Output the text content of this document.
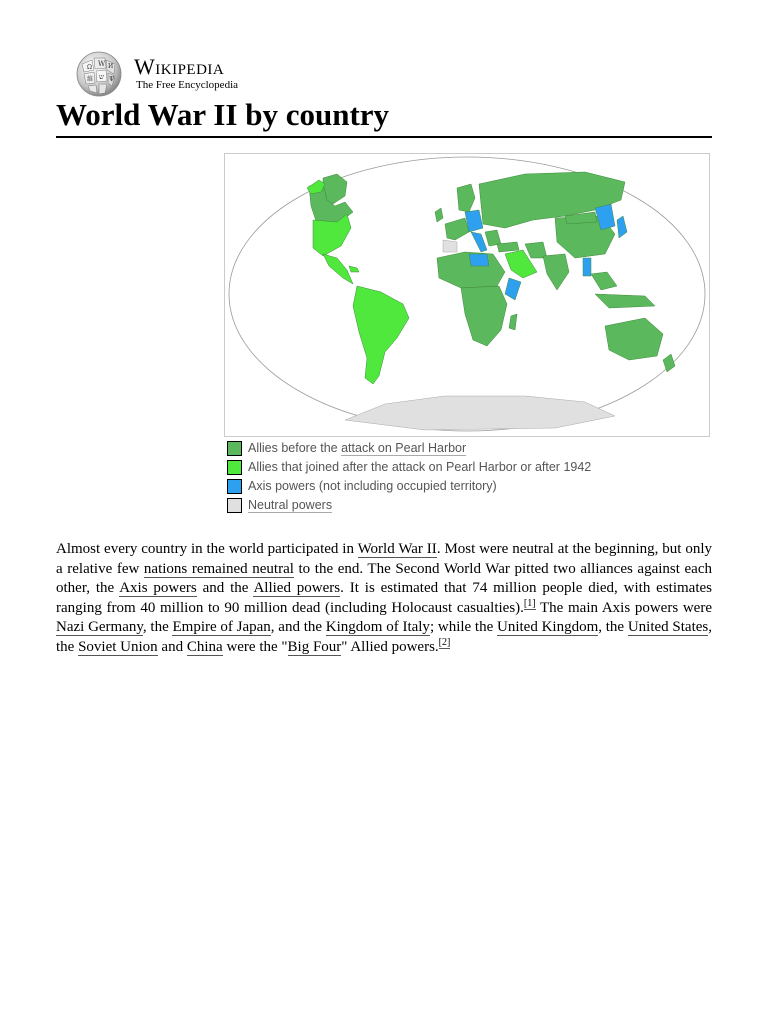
Ω W И
維 ש Ψ
Wikipedia
The Free Encyclopedia
World War II by country
Allies before the attack on Pearl Harbor
Allies that joined after the attack on Pearl Harbor or after 1942
Axis powers (not including occupied territory)
Neutral powers

Almost every country in the world participated in World War II. Most were neutral at the beginning, but only a relative few nations remained neutral to the end. The Second World War pitted two alliances against each other, the Axis powers and the Allied powers. It is estimated that 74 million people died, with estimates ranging from 40 million to 90 million dead (including Holocaust casualties).[1] The main Axis powers were Nazi Germany, the Empire of Japan, and the Kingdom of Italy; while the United Kingdom, the United States, the Soviet Union and China were the "Big Four" Allied powers.[2]
